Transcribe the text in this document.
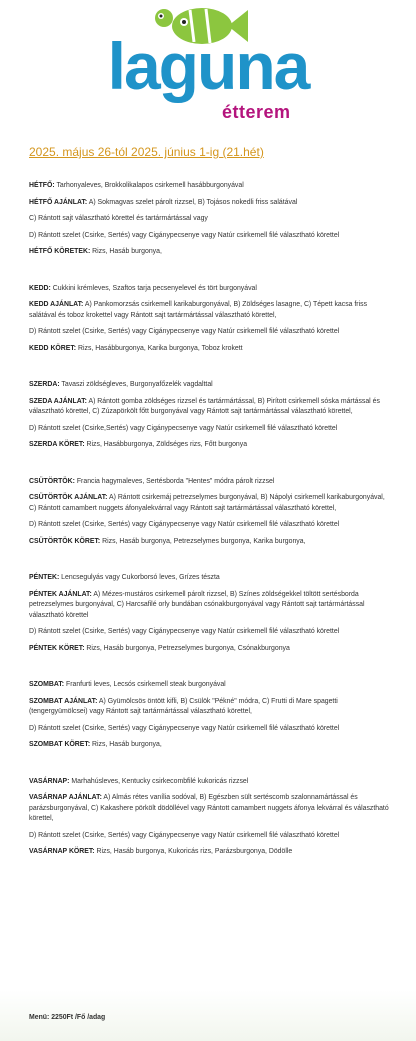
laguna
étterem
2025. május 26-tól 2025. június 1-ig (21.hét)
HÉTFŐ: Tarhonyaleves, Brokkolikalapos csirkemell hasábburgonyával
HÉTFŐ AJÁNLAT: A) Sokmagvas szelet párolt rizzsel, B) Tojásos nokedli friss salátával
C) Rántott sajt választható körettel és tartármártással vagy
D) Rántott szelet (Csirke, Sertés) vagy Cigánypecsenye vagy Natúr csirkemell filé választható körettel
HÉTFŐ KÖRETEK: Rizs, Hasáb burgonya,
KEDD: Cukkini krémleves, Szaftos tarja pecsenyelevel és tört burgonyával
KEDD AJÁNLAT: A) Pankomorzsás csirkemell karikaburgonyával, B) Zöldséges lasagne, C) Tépett kacsa friss salátával és toboz krokettel vagy Rántott sajt tartármártással választható körettel,
D) Rántott szelet (Csirke, Sertés) vagy Cigánypecsenye vagy Natúr csirkemell filé választható körettel
KEDD KÖRET: Rizs, Hasábburgonya, Karika burgonya, Toboz krokett
SZERDA: Tavaszi zöldségleves, Burgonyafőzelék vagdalttal
SZEDA AJÁNLAT: A) Rántott gomba zöldséges rizzsel és tartármártással, B) Pirított csirkemell sóska mártással és választható körettel, C) Zúzapörkölt főtt burgonyával vagy Rántott sajt tartármártással választható körettel,
D) Rántott szelet (Csirke,Sertés) vagy Cigánypecsenye vagy Natúr csirkemell filé választható körettel
SZERDA KÖRET: Rizs, Hasábburgonya, Zöldséges rizs, Főtt burgonya
CSÜTÖRTÖK: Francia hagymaleves, Sertésborda "Hentes" módra párolt rizzsel
CSÜTÖRTÖK AJÁNLAT: A) Rántott csirkemáj petrezselymes burgonyával, B) Nápolyi csirkemell karikaburgonyával, C) Rántott camambert nuggets áfonyalekvárral vagy Rántott sajt tartármártással választható körettel,
D) Rántott szelet (Csirke, Sertés) vagy Cigánypecsenye vagy Natúr csirkemell filé választható körettel
CSÜTÖRTÖK KÖRET: Rizs, Hasáb burgonya, Petrezselymes burgonya, Karika burgonya,
PÉNTEK: Lencsegulyás vagy Cukorborsó leves, Grízes tészta
PÉNTEK AJÁNLAT: A) Mézes-mustáros csirkemell párolt rizzsel, B) Színes zöldségekkel töltött sertésborda petrezselymes burgonyával, C) Harcsafilé orly bundában csónakburgonyával vagy Rántott sajt tartármártással választható körettel
D) Rántott szelet (Csirke, Sertés) vagy Cigánypecsenye vagy Natúr csirkemell filé választható körettel
PÉNTEK KÖRET: Rizs, Hasáb burgonya, Petrezselymes burgonya, Csónakburgonya
SZOMBAT: Franfurti leves, Lecsós csirkemell steak burgonyával
SZOMBAT AJÁNLAT: A) Gyümölcsös öntött kifli, B) Csülök "Pékné" módra, C) Frutti di Mare spagetti (tengergyümölcsei) vagy Rántott sajt tartármártással választható körettel,
D) Rántott szelet (Csirke, Sertés) vagy Cigánypecsenye vagy Natúr csirkemell filé választható körettel
SZOMBAT KÖRET: Rizs, Hasáb burgonya,
VASÁRNAP: Marhahúsleves, Kentucky csirkecombfilé kukoricás rizzsel
VASÁRNAP AJÁNLAT: A) Almás rétes vanília sodóval, B) Egészben sült sertéscomb szalonnamártással és parázsburgonyával, C) Kakashere pörkölt dödöllével vagy Rántott camambert nuggets áfonya lekvárral és választható körettel,
D) Rántott szelet (Csirke, Sertés) vagy Cigánypecsenye vagy Natúr csirkemell filé választható körettel
VASÁRNAP KÖRET: Rizs, Hasáb burgonya, Kukoricás rizs, Parázsburgonya, Dödölle
Menü: 2250Ft /Fő /adag
